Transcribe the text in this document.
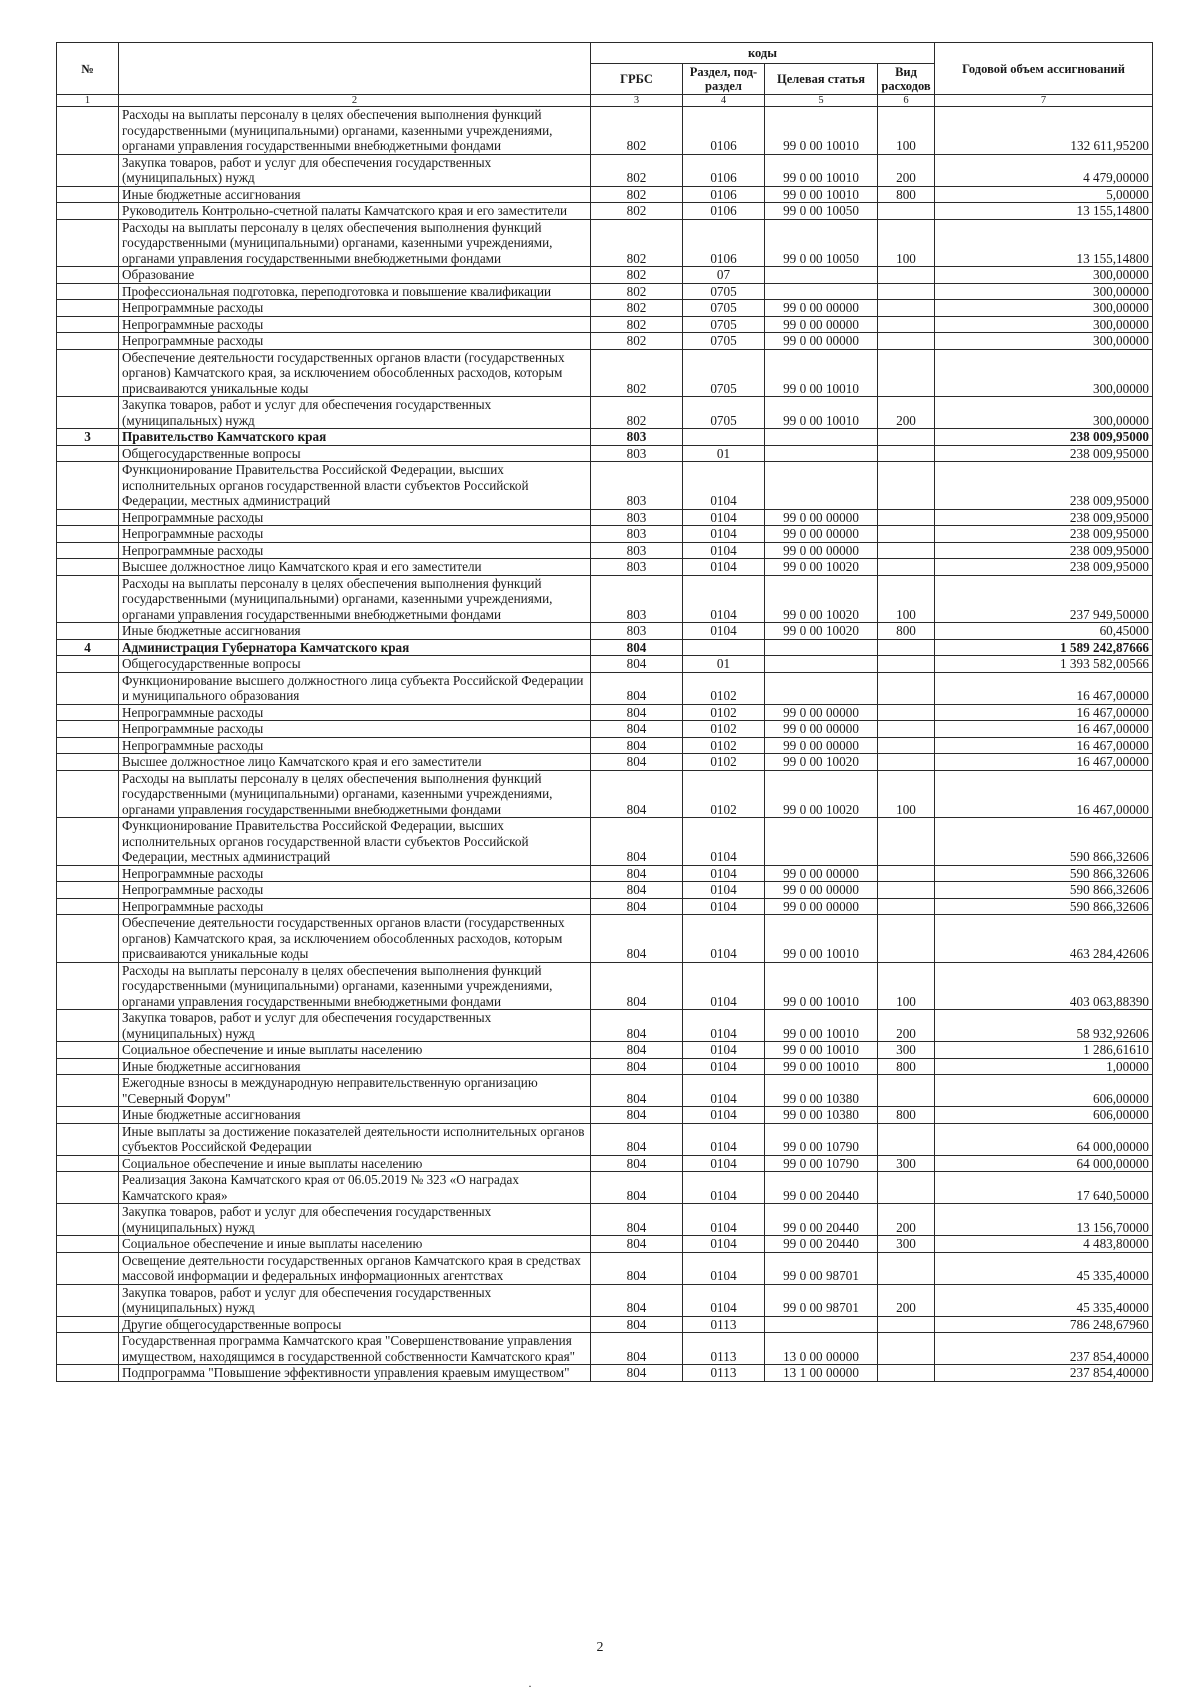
№		коды				Годовой объем ассигнований
		ГРБС	Раздел, под- раздел	Целевая статья	Вид расходов	
1	2	3	4	5	6	7
	Расходы на выплаты персоналу в целях обеспечения выполнения функций государственными (муниципальными) органами, казенными учреждениями, органами управления государственными внебюджетными фондами	802	0106	99 0 00 10010	100	132 611,95200
	Закупка товаров, работ и услуг для обеспечения государственных (муниципальных) нужд	802	0106	99 0 00 10010	200	4 479,00000
	Иные бюджетные ассигнования	802	0106	99 0 00 10010	800	5,00000
	Руководитель Контрольно-счетной палаты Камчатского края и его заместители	802	0106	99 0 00 10050		13 155,14800
	Расходы на выплаты персоналу в целях обеспечения выполнения функций государственными (муниципальными) органами, казенными учреждениями, органами управления государственными внебюджетными фондами	802	0106	99 0 00 10050	100	13 155,14800
	Образование	802	07			300,00000
	Профессиональная подготовка, переподготовка и повышение квалификации	802	0705			300,00000
	Непрограммные расходы	802	0705	99 0 00 00000		300,00000
	Непрограммные расходы	802	0705	99 0 00 00000		300,00000
	Непрограммные расходы	802	0705	99 0 00 00000		300,00000
	Обеспечение деятельности государственных органов власти (государственных органов) Камчатского края, за исключением обособленных расходов, которым присваиваются уникальные коды	802	0705	99 0 00 10010		300,00000
	Закупка товаров, работ и услуг для обеспечения государственных (муниципальных) нужд	802	0705	99 0 00 10010	200	300,00000
3	Правительство Камчатского края	803				238 009,95000
	Общегосударственные вопросы	803	01			238 009,95000
	Функционирование Правительства Российской Федерации, высших исполнительных органов государственной власти субъектов Российской Федерации, местных администраций	803	0104			238 009,95000
	Непрограммные расходы	803	0104	99 0 00 00000		238 009,95000
	Непрограммные расходы	803	0104	99 0 00 00000		238 009,95000
	Непрограммные расходы	803	0104	99 0 00 00000		238 009,95000
	Высшее должностное лицо Камчатского края и его заместители	803	0104	99 0 00 10020		238 009,95000
	Расходы на выплаты персоналу в целях обеспечения выполнения функций государственными (муниципальными) органами, казенными учреждениями, органами управления государственными внебюджетными фондами	803	0104	99 0 00 10020	100	237 949,50000
	Иные бюджетные ассигнования	803	0104	99 0 00 10020	800	60,45000
4	Администрация Губернатора Камчатского края	804				1 589 242,87666
	Общегосударственные вопросы	804	01			1 393 582,00566
	Функционирование высшего должностного лица субъекта Российской Федерации и муниципального образования	804	0102			16 467,00000
	Непрограммные расходы	804	0102	99 0 00 00000		16 467,00000
	Непрограммные расходы	804	0102	99 0 00 00000		16 467,00000
	Непрограммные расходы	804	0102	99 0 00 00000		16 467,00000
	Высшее должностное лицо Камчатского края и его заместители	804	0102	99 0 00 10020		16 467,00000
	Расходы на выплаты персоналу в целях обеспечения выполнения функций государственными (муниципальными) органами, казенными учреждениями, органами управления государственными внебюджетными фондами	804	0102	99 0 00 10020	100	16 467,00000
	Функционирование Правительства Российской Федерации, высших исполнительных органов государственной власти субъектов Российской Федерации, местных администраций	804	0104			590 866,32606
	Непрограммные расходы	804	0104	99 0 00 00000		590 866,32606
	Непрограммные расходы	804	0104	99 0 00 00000		590 866,32606
	Непрограммные расходы	804	0104	99 0 00 00000		590 866,32606
	Обеспечение деятельности государственных органов власти (государственных органов) Камчатского края, за исключением обособленных расходов, которым присваиваются уникальные коды	804	0104	99 0 00 10010		463 284,42606
	Расходы на выплаты персоналу в целях обеспечения выполнения функций государственными (муниципальными) органами, казенными учреждениями, органами управления государственными внебюджетными фондами	804	0104	99 0 00 10010	100	403 063,88390
	Закупка товаров, работ и услуг для обеспечения государственных (муниципальных) нужд	804	0104	99 0 00 10010	200	58 932,92606
	Социальное обеспечение и иные выплаты населению	804	0104	99 0 00 10010	300	1 286,61610
	Иные бюджетные ассигнования	804	0104	99 0 00 10010	800	1,00000
	Ежегодные взносы в международную неправительственную организацию "Северный Форум"	804	0104	99 0 00 10380		606,00000
	Иные бюджетные ассигнования	804	0104	99 0 00 10380	800	606,00000
	Иные выплаты за достижение показателей деятельности исполнительных органов субъектов Российской Федерации	804	0104	99 0 00 10790		64 000,00000
	Социальное обеспечение и иные выплаты населению	804	0104	99 0 00 10790	300	64 000,00000
	Реализация Закона Камчатского края от 06.05.2019 № 323 «О наградах Камчатского края»	804	0104	99 0 00 20440		17 640,50000
	Закупка товаров, работ и услуг для обеспечения государственных (муниципальных) нужд	804	0104	99 0 00 20440	200	13 156,70000
	Социальное обеспечение и иные выплаты населению	804	0104	99 0 00 20440	300	4 483,80000
	Освещение деятельности государственных органов Камчатского края в средствах массовой информации и федеральных информационных агентствах	804	0104	99 0 00 98701		45 335,40000
	Закупка товаров, работ и услуг для обеспечения государственных (муниципальных) нужд	804	0104	99 0 00 98701	200	45 335,40000
	Другие общегосударственные вопросы	804	0113			786 248,67960
	Государственная программа Камчатского края "Совершенствование управления имуществом, находящимся в государственной собственности Камчатского края"	804	0113	13 0 00 00000		237 854,40000
	Подпрограмма "Повышение эффективности управления краевым имуществом"	804	0113	13 1 00 00000		237 854,40000
2
·
